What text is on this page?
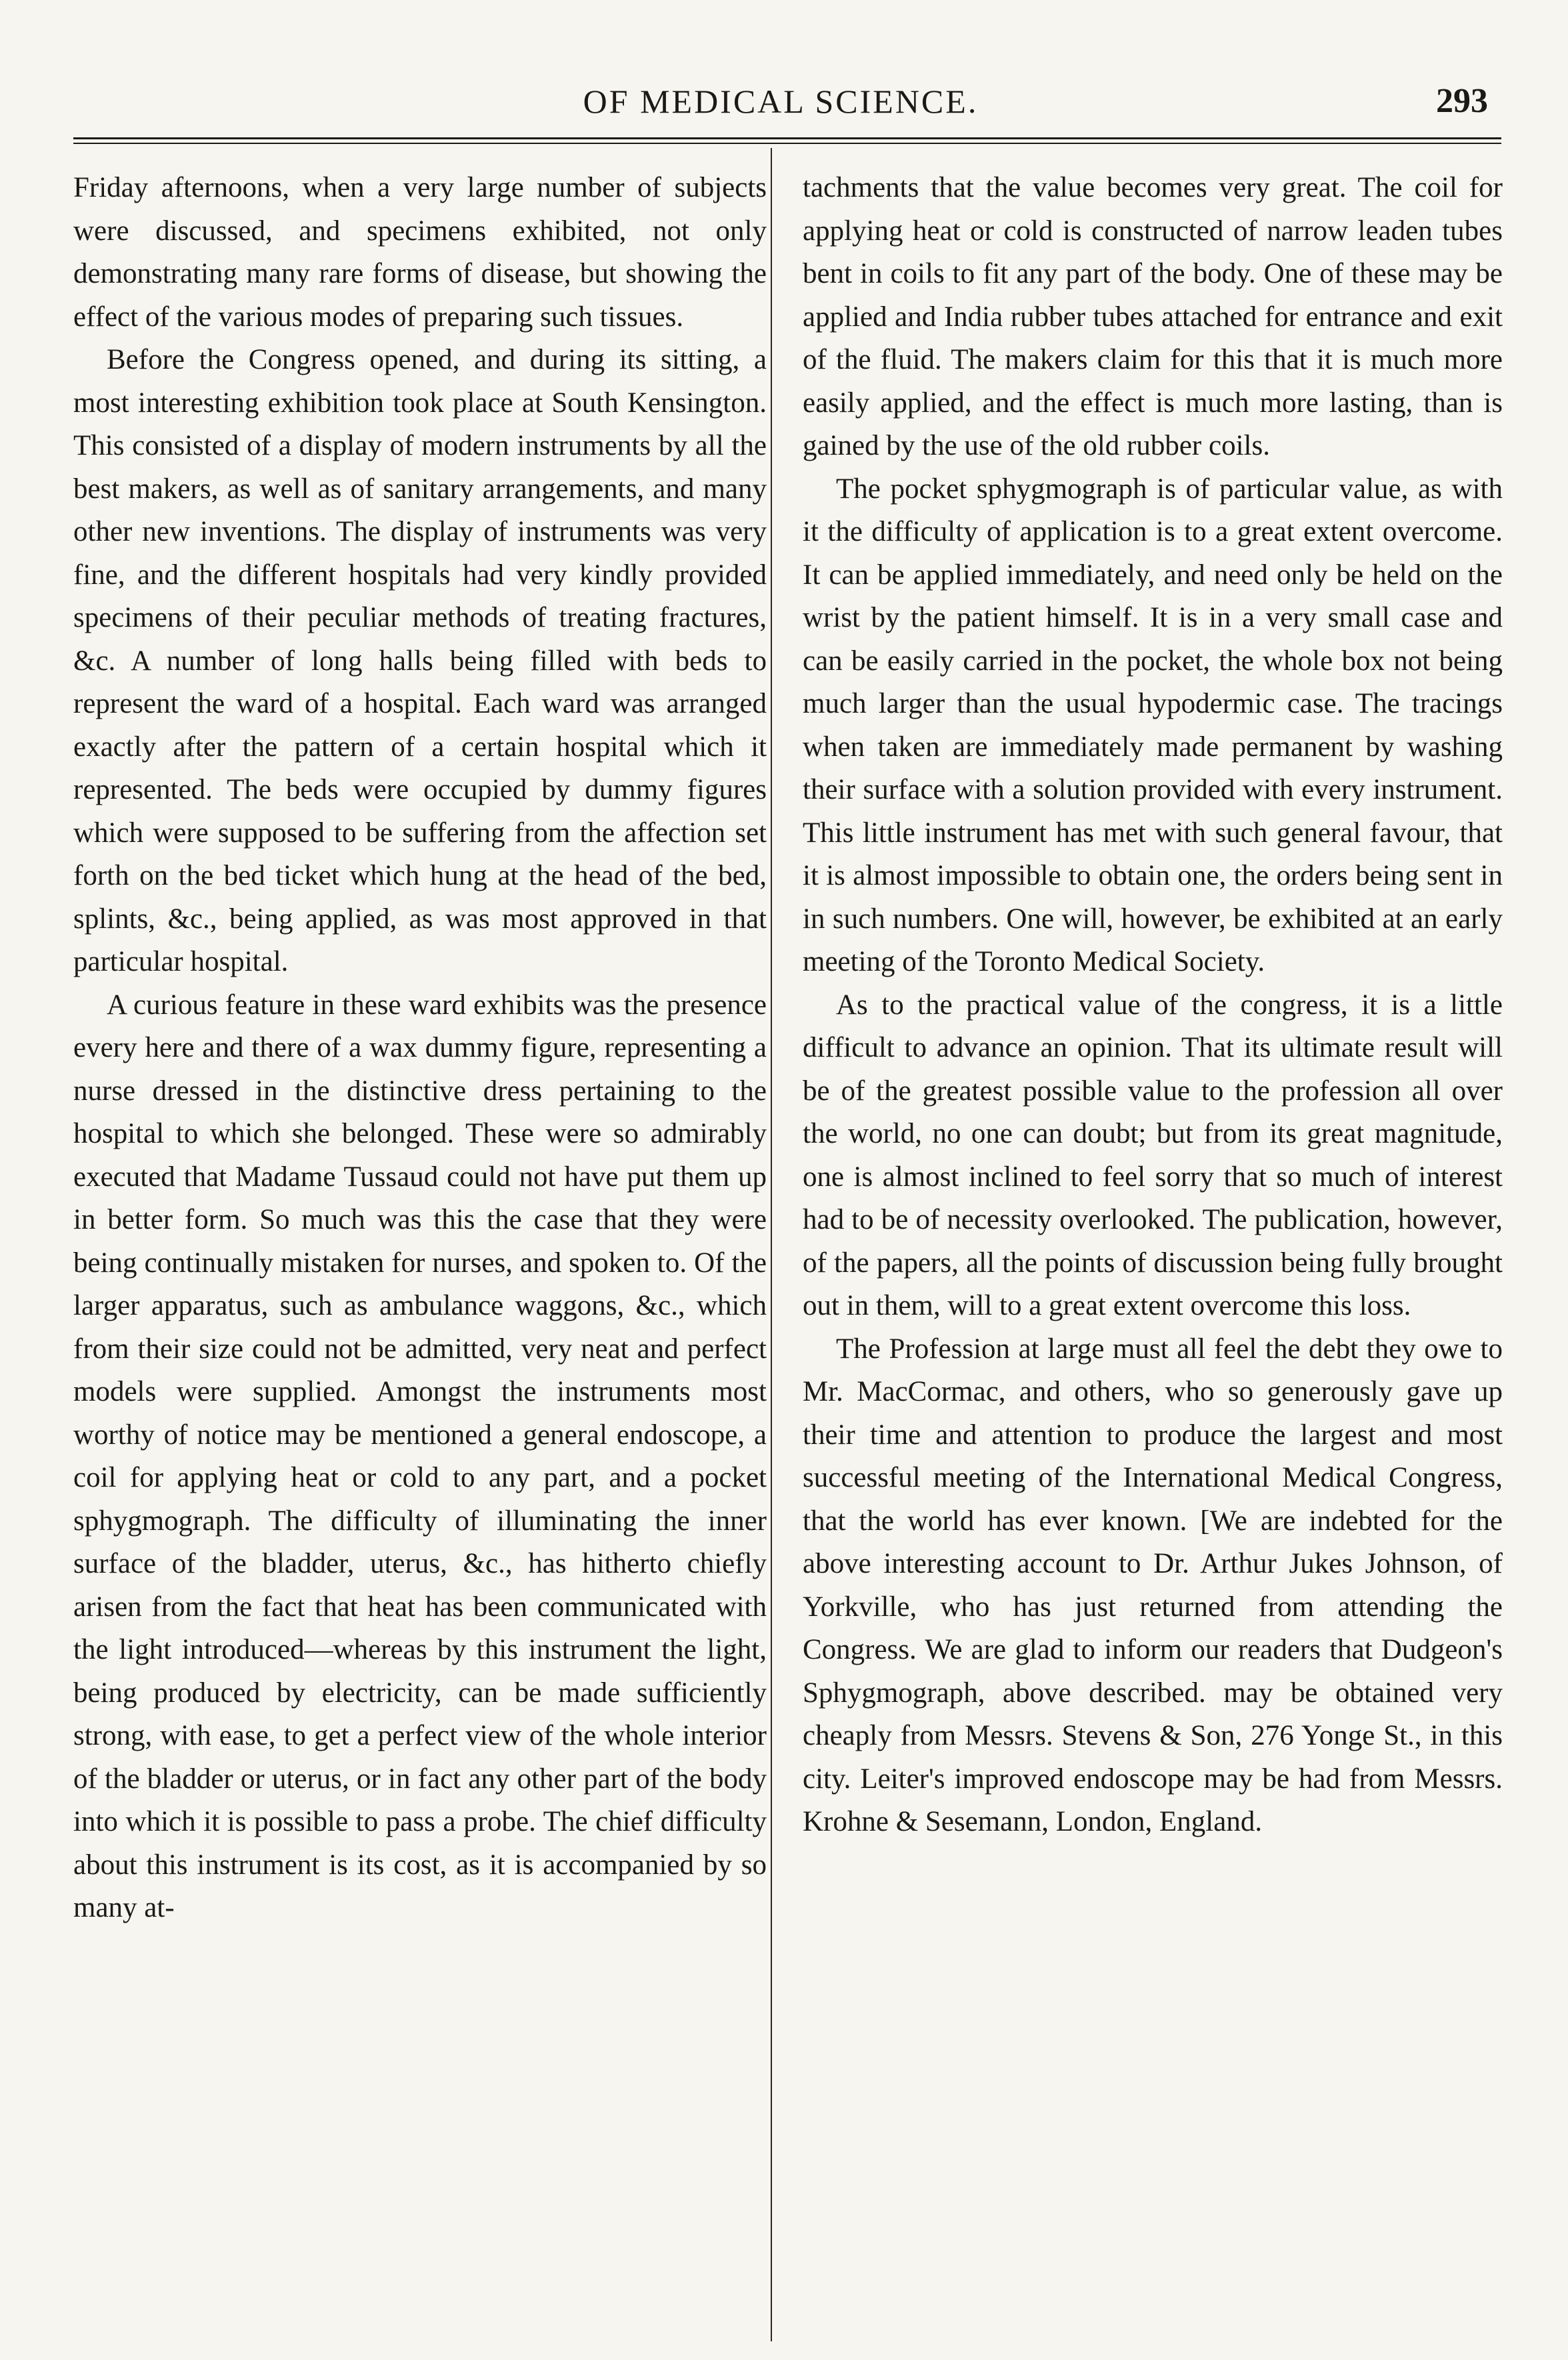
OF MEDICAL SCIENCE.	293

Friday afternoons, when a very large number of subjects were discussed, and specimens exhibited, not only demonstrating many rare forms of disease, but showing the effect of the various modes of preparing such tissues.

Before the Congress opened, and during its sitting, a most interesting exhibition took place at South Kensington. This consisted of a display of modern instruments by all the best makers, as well as of sanitary arrangements, and many other new inventions. The display of instruments was very fine, and the different hospitals had very kindly provided specimens of their peculiar methods of treating fractures, &c. A number of long halls being filled with beds to represent the ward of a hospital. Each ward was arranged exactly after the pattern of a certain hospital which it represented. The beds were occupied by dummy figures which were supposed to be suffering from the affection set forth on the bed ticket which hung at the head of the bed, splints, &c., being applied, as was most approved in that particular hospital.

A curious feature in these ward exhibits was the presence every here and there of a wax dummy figure, representing a nurse dressed in the distinctive dress pertaining to the hospital to which she belonged. These were so admirably executed that Madame Tussaud could not have put them up in better form. So much was this the case that they were being continually mistaken for nurses, and spoken to. Of the larger apparatus, such as ambulance waggons, &c., which from their size could not be admitted, very neat and perfect models were supplied. Amongst the instruments most worthy of notice may be mentioned a general endoscope, a coil for applying heat or cold to any part, and a pocket sphygmograph. The difficulty of illuminating the inner surface of the bladder, uterus, &c., has hitherto chiefly arisen from the fact that heat has been communicated with the light introduced—whereas by this instrument the light, being produced by electricity, can be made sufficiently strong, with ease, to get a perfect view of the whole interior of the bladder or uterus, or in fact any other part of the body into which it is possible to pass a probe. The chief difficulty about this instrument is its cost, as it is accompanied by so many at-

tachments that the value becomes very great. The coil for applying heat or cold is constructed of narrow leaden tubes bent in coils to fit any part of the body. One of these may be applied and India rubber tubes attached for entrance and exit of the fluid. The makers claim for this that it is much more easily applied, and the effect is much more lasting, than is gained by the use of the old rubber coils.

The pocket sphygmograph is of particular value, as with it the difficulty of application is to a great extent overcome. It can be applied immediately, and need only be held on the wrist by the patient himself. It is in a very small case and can be easily carried in the pocket, the whole box not being much larger than the usual hypodermic case. The tracings when taken are immediately made permanent by washing their surface with a solution provided with every instrument. This little instrument has met with such general favour, that it is almost impossible to obtain one, the orders being sent in in such numbers. One will, however, be exhibited at an early meeting of the Toronto Medical Society.

As to the practical value of the congress, it is a little difficult to advance an opinion. That its ultimate result will be of the greatest possible value to the profession all over the world, no one can doubt; but from its great magnitude, one is almost inclined to feel sorry that so much of interest had to be of necessity overlooked. The publication, however, of the papers, all the points of discussion being fully brought out in them, will to a great extent overcome this loss.

The Profession at large must all feel the debt they owe to Mr. MacCormac, and others, who so generously gave up their time and attention to produce the largest and most successful meeting of the International Medical Congress, that the world has ever known. [We are indebted for the above interesting account to Dr. Arthur Jukes Johnson, of Yorkville, who has just returned from attending the Congress. We are glad to inform our readers that Dudgeon's Sphygmograph, above described. may be obtained very cheaply from Messrs. Stevens & Son, 276 Yonge St., in this city. Leiter's improved endoscope may be had from Messrs. Krohne & Sesemann, London, England.
